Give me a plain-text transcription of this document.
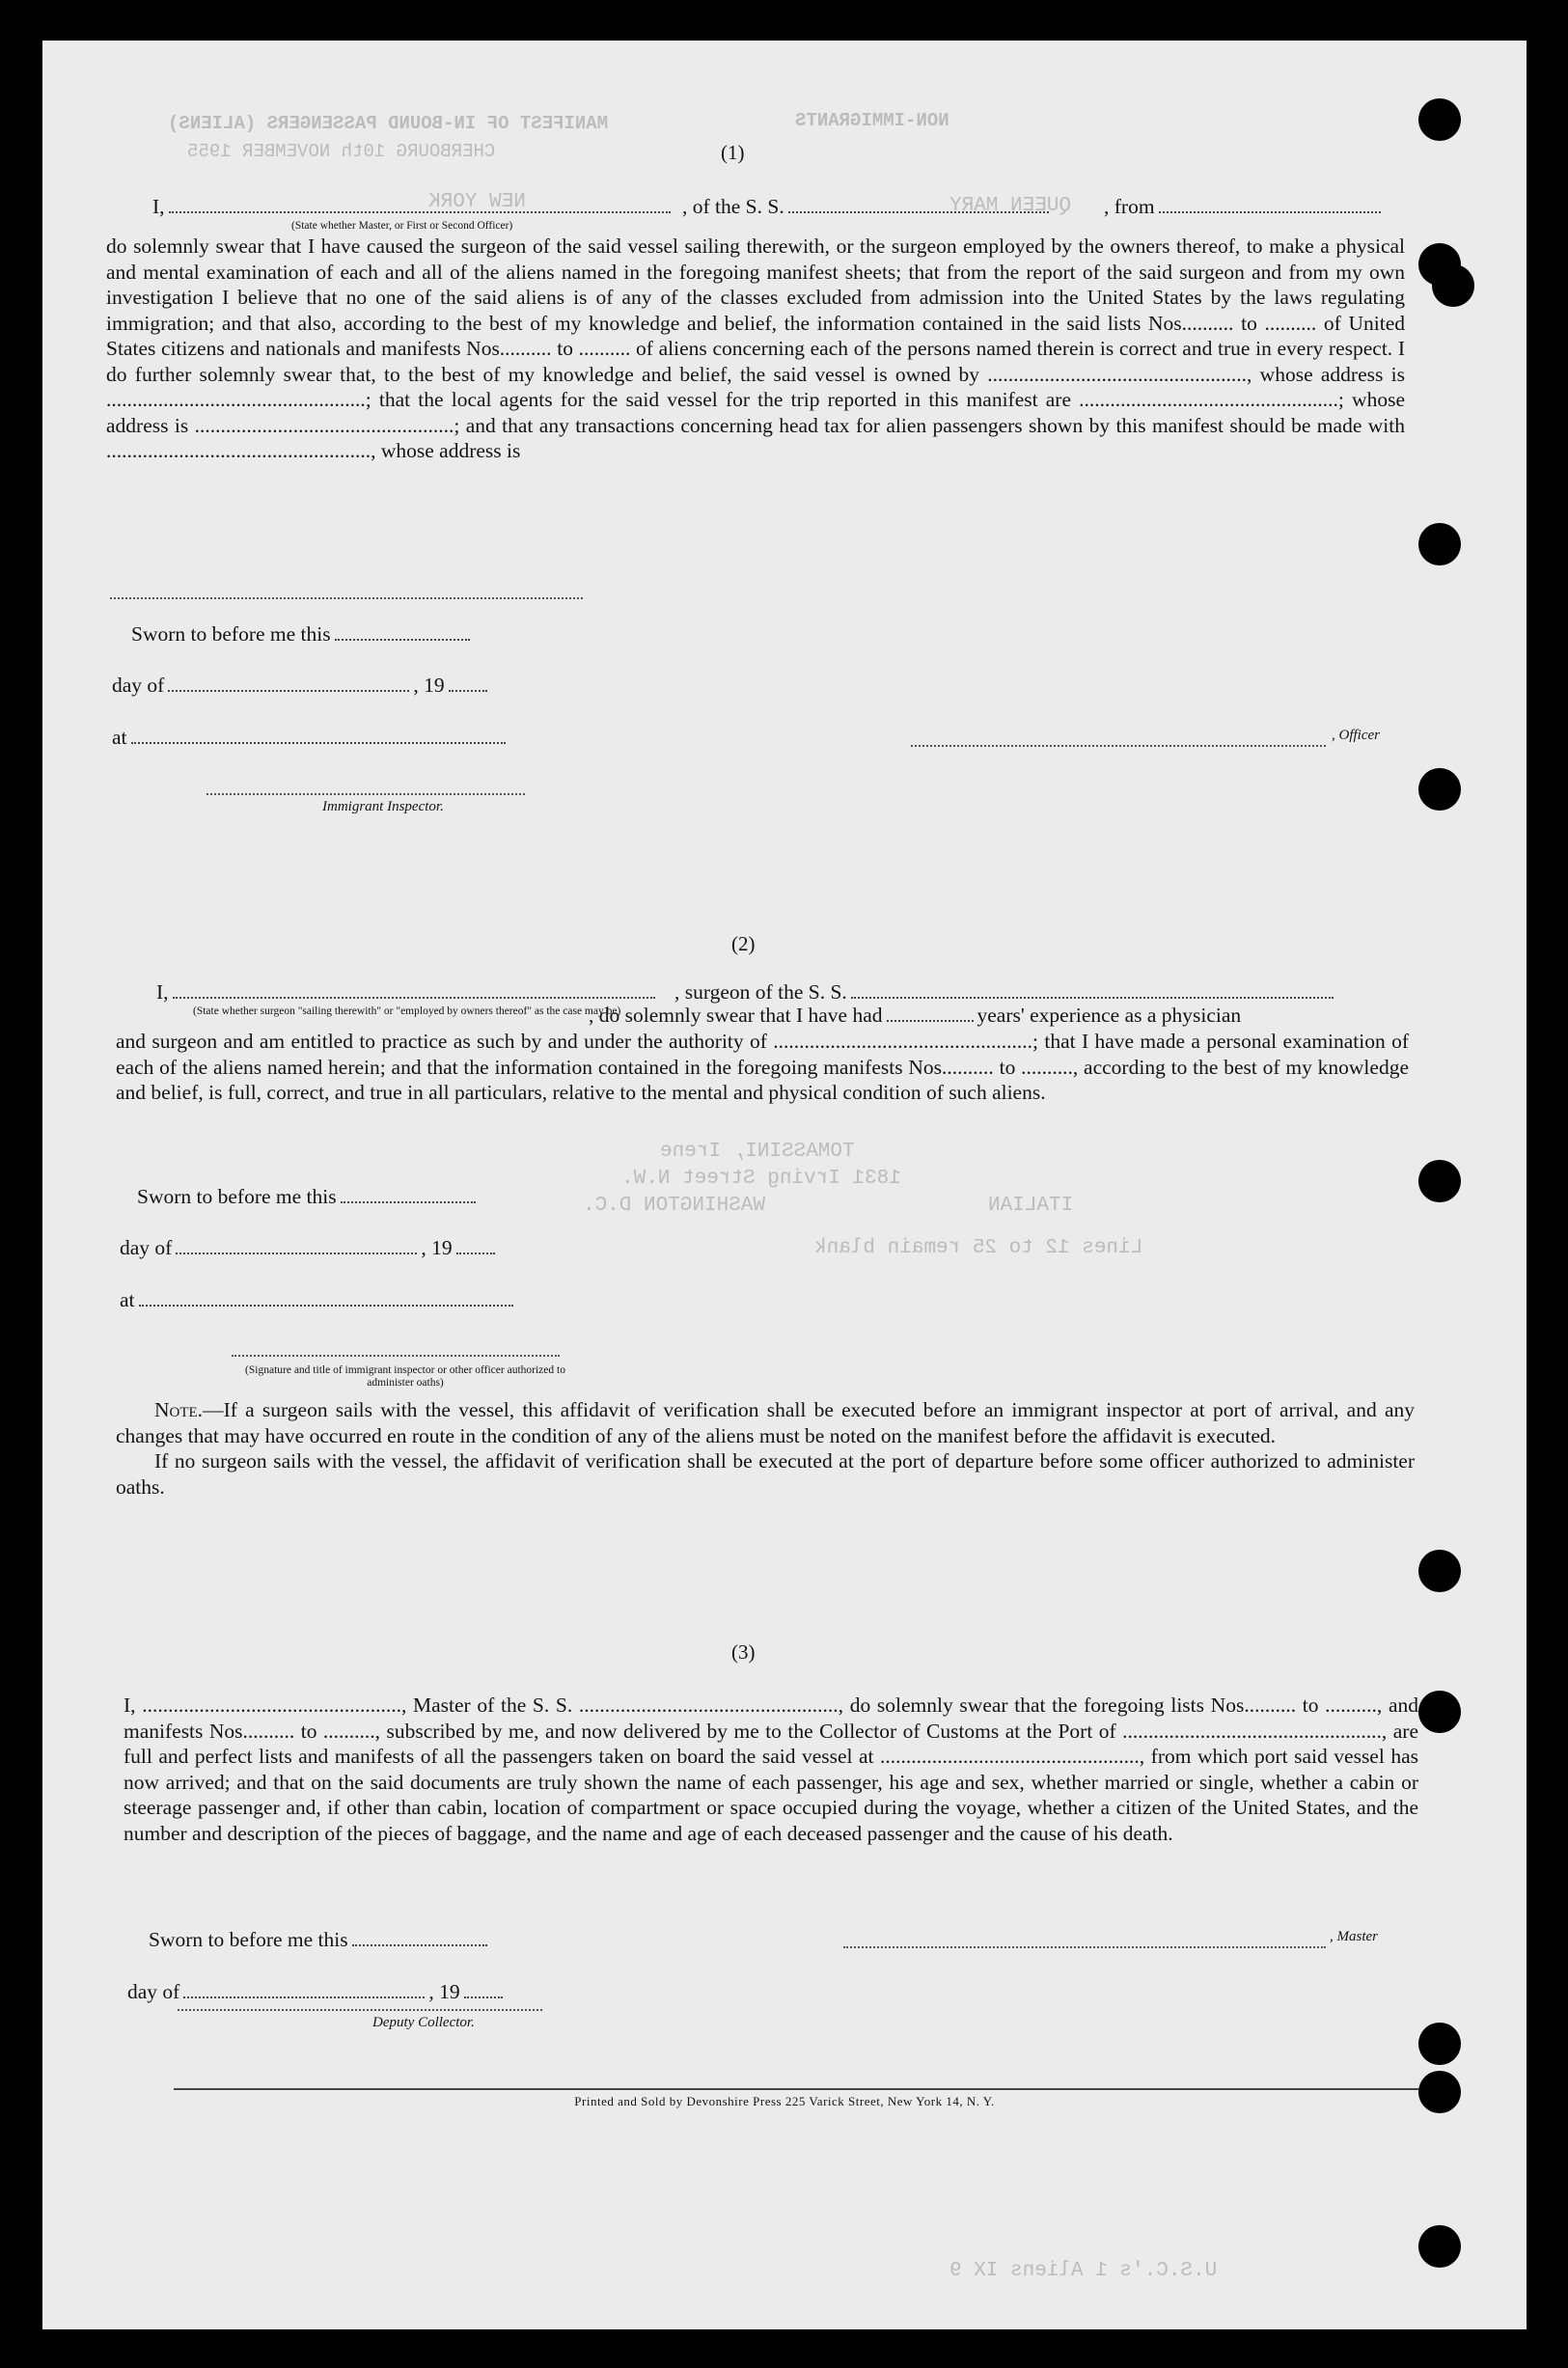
MANIFEST OF IN-BOUND PASSENGERS (ALIENS)	NON-IMMIGRANTS
CHERBOURG 10th NOVEMBER 1955
NEW YORK	QUEEN MARY
Lines 12 to 25 remain blank
TOMASSINI, Irene
1831 Irving Street N.W.
WASHINGTON D.C.	ITALIAN
U.S.C.'s 1 Aliens IX 9
(1)
I,	, of the S. S.	, from
(State whether Master, or First or Second Officer)

do solemnly swear that I have caused the surgeon of the said vessel sailing therewith, or the surgeon employed by the owners thereof, to make a physical and mental examination of each and all of the aliens named in the foregoing manifest sheets; that from the report of the said surgeon and from my own investigation I believe that no one of the said aliens is of any of the classes excluded from admission into the United States by the laws regulating immigration; and that also, according to the best of my knowledge and belief, the information contained in the said lists Nos.......... to .......... of United States citizens and nationals and manifests Nos.......... to .......... of aliens concerning each of the persons named therein is correct and true in every respect. I do further solemnly swear that, to the best of my knowledge and belief, the said vessel is owned by .................................................., whose address is ..................................................; that the local agents for the said vessel for the trip reported in this manifest are ..................................................; whose address is ..................................................; and that any transactions concerning head tax for alien passengers shown by this manifest should be made with ..................................................., whose address is

Sworn to before me this
day of	, 19
at	, Officer
Immigrant Inspector.
(2)
I,	, surgeon of the S. S.
(State whether surgeon "sailing therewith" or "employed by owners thereof" as the case may be)
, do solemnly swear that I have had	years' experience as a physician

and surgeon and am entitled to practice as such by and under the authority of ..................................................; that I have made a personal examination of each of the aliens named herein; and that the information contained in the foregoing manifests Nos.......... to .........., according to the best of my knowledge and belief, is full, correct, and true in all particulars, relative to the mental and physical condition of such aliens.

Sworn to before me this
day of	, 19
at
(Signature and title of immigrant inspector or other officer authorized to administer oaths)

Note.—If a surgeon sails with the vessel, this affidavit of verification shall be executed before an immigrant inspector at port of arrival, and any changes that may have occurred en route in the condition of any of the aliens must be noted on the manifest before the affidavit is executed.

If no surgeon sails with the vessel, the affidavit of verification shall be executed at the port of departure before some officer authorized to administer oaths.

(3)

I, .................................................., Master of the S. S. .................................................., do solemnly swear that the foregoing lists Nos.......... to .........., and manifests Nos.......... to .........., subscribed by me, and now delivered by me to the Collector of Customs at the Port of .................................................., are full and perfect lists and manifests of all the passengers taken on board the said vessel at .................................................., from which port said vessel has now arrived; and that on the said documents are truly shown the name of each passenger, his age and sex, whether married or single, whether a cabin or steerage passenger and, if other than cabin, location of compartment or space occupied during the voyage, whether a citizen of the United States, and the number and description of the pieces of baggage, and the name and age of each deceased passenger and the cause of his death.

Sworn to before me this	, Master
day of	, 19
Deputy Collector.
Printed and Sold by Devonshire Press 225 Varick Street, New York 14, N. Y.
